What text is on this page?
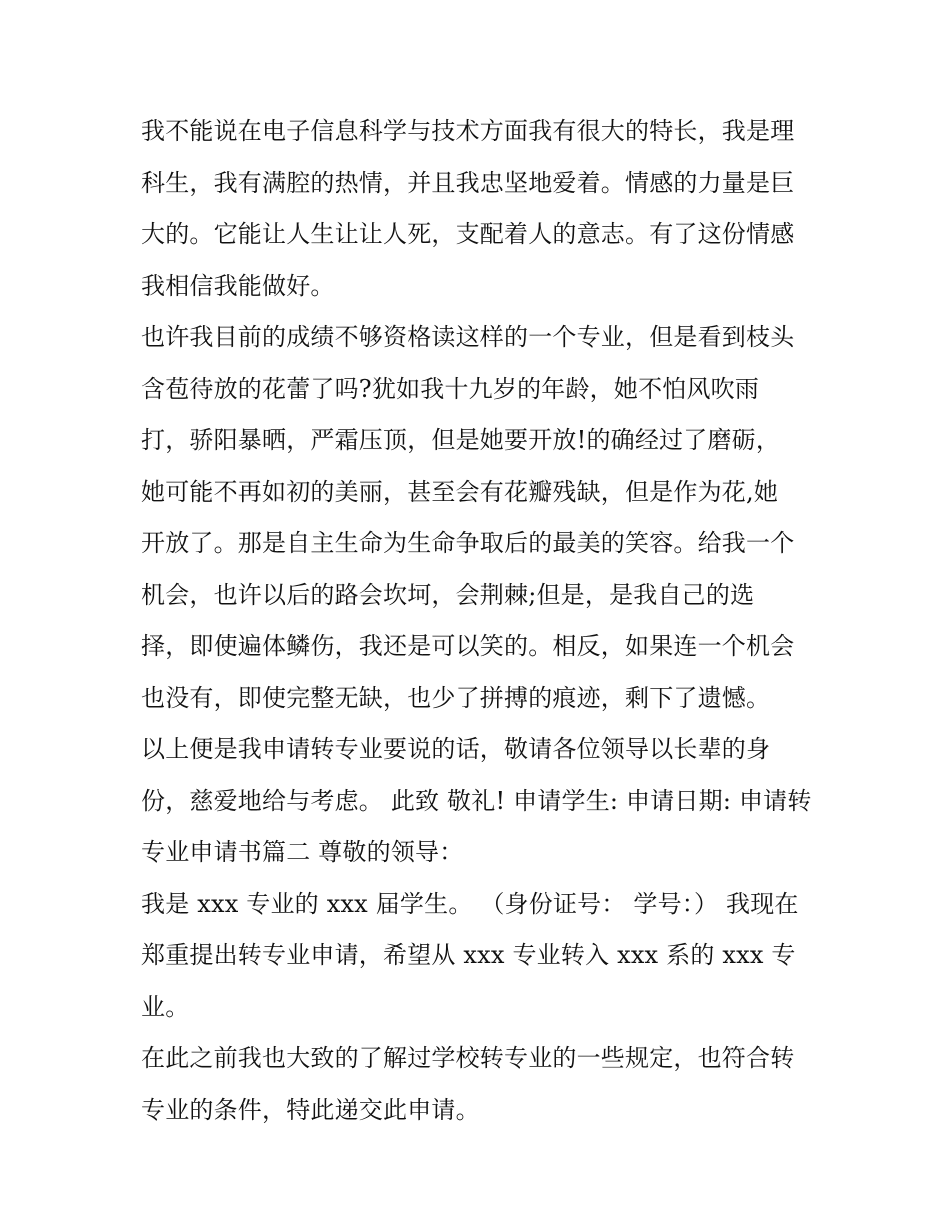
我不能说在电子信息科学与技术方面我有很大的特长，我是理
科生，我有满腔的热情，并且我忠坚地爱着。情感的力量是巨
大的。它能让人生让让人死，支配着人的意志。有了这份情感
我相信我能做好。
也许我目前的成绩不够资格读这样的一个专业，但是看到枝头
含苞待放的花蕾了吗?犹如我十九岁的年龄，她不怕风吹雨
打，骄阳暴晒，严霜压顶，但是她要开放!的确经过了磨砺，
她可能不再如初的美丽，甚至会有花瓣残缺，但是作为花,她
开放了。那是自主生命为生命争取后的最美的笑容。给我一个
机会，也许以后的路会坎坷，会荆棘;但是，是我自己的选
择，即使遍体鳞伤，我还是可以笑的。相反，如果连一个机会
也没有，即使完整无缺，也少了拼搏的痕迹，剩下了遗憾。
以上便是我申请转专业要说的话，敬请各位领导以长辈的身
份，慈爱地给与考虑。 此致 敬礼! 申请学生: 申请日期: 申请转
专业申请书篇二 尊敬的领导：
我是 xxx 专业的 xxx 届学生。 （身份证号： 学号：） 我现在
郑重提出转专业申请，希望从 xxx 专业转入 xxx 系的 xxx 专
业。
在此之前我也大致的了解过学校转专业的一些规定，也符合转
专业的条件，特此递交此申请。
